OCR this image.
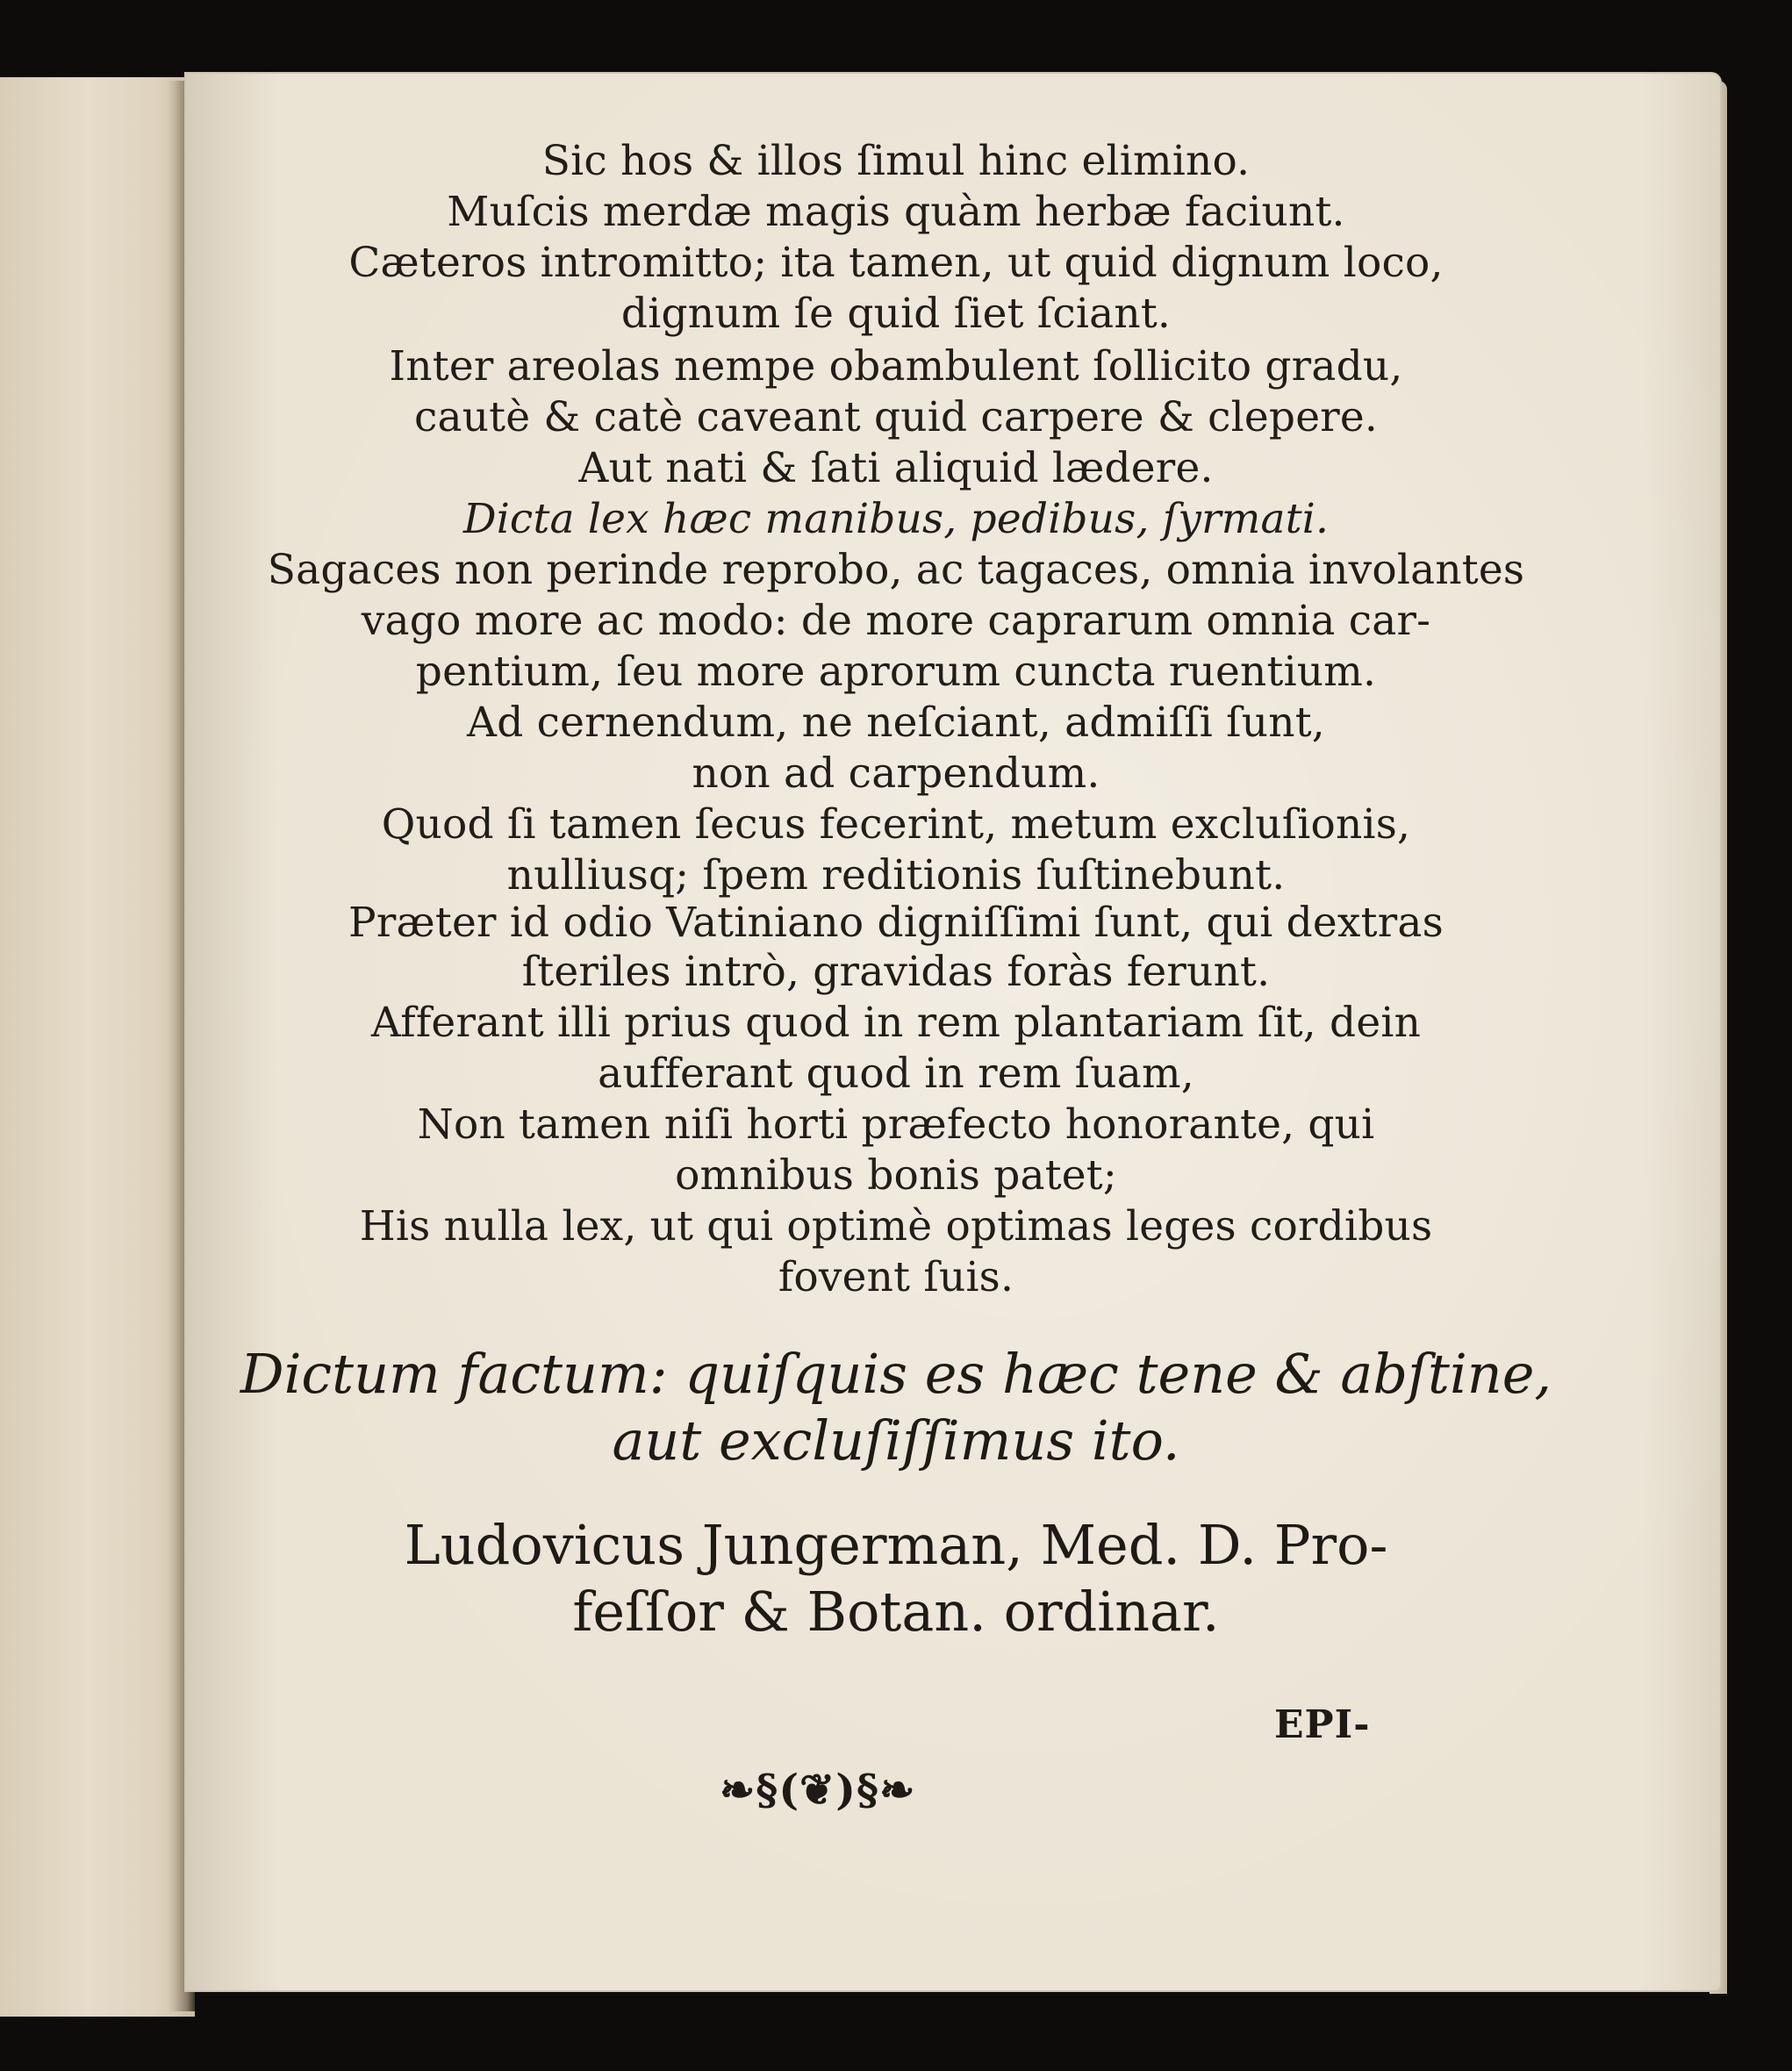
Sic hos & illos ſimul hinc elimino.
Muſcis merdæ magis quàm herbæ faciunt.
Cæteros intromitto; ita tamen, ut quid dignum loco,
dignum ſe quid ſiet ſciant.
Inter areolas nempe obambulent ſollicito gradu,
cautè & catè caveant quid carpere & clepere.
Aut nati & ſati aliquid lædere.
Dicta lex hæc manibus, pedibus, ſyrmati.
Sagaces non perinde reprobo, ac tagaces, omnia involantes
vago more ac modo: de more caprarum omnia car-
pentium, ſeu more aprorum cuncta ruentium.
Ad cernendum, ne neſciant, admiſſi ſunt,
non ad carpendum.
Quod ſi tamen ſecus fecerint, metum excluſionis,
nulliusq; ſpem reditionis ſuſtinebunt.
Præter id odio Vatiniano digniſſimi ſunt, qui dextras
ſteriles intrò, gravidas foràs ferunt.
Afferant illi prius quod in rem plantariam ſit, dein
aufferant quod in rem ſuam,
Non tamen niſi horti præfecto honorante, qui
omnibus bonis patet;
His nulla lex, ut qui optimè optimas leges cordibus
fovent ſuis.
Dictum factum: quiſquis es hæc tene & abſtine,
aut excluſiſſimus ito.
Ludovicus Jungerman, Med. D. Pro-
feſſor & Botan. ordinar.
EPI-
❧§(❦)§❧
